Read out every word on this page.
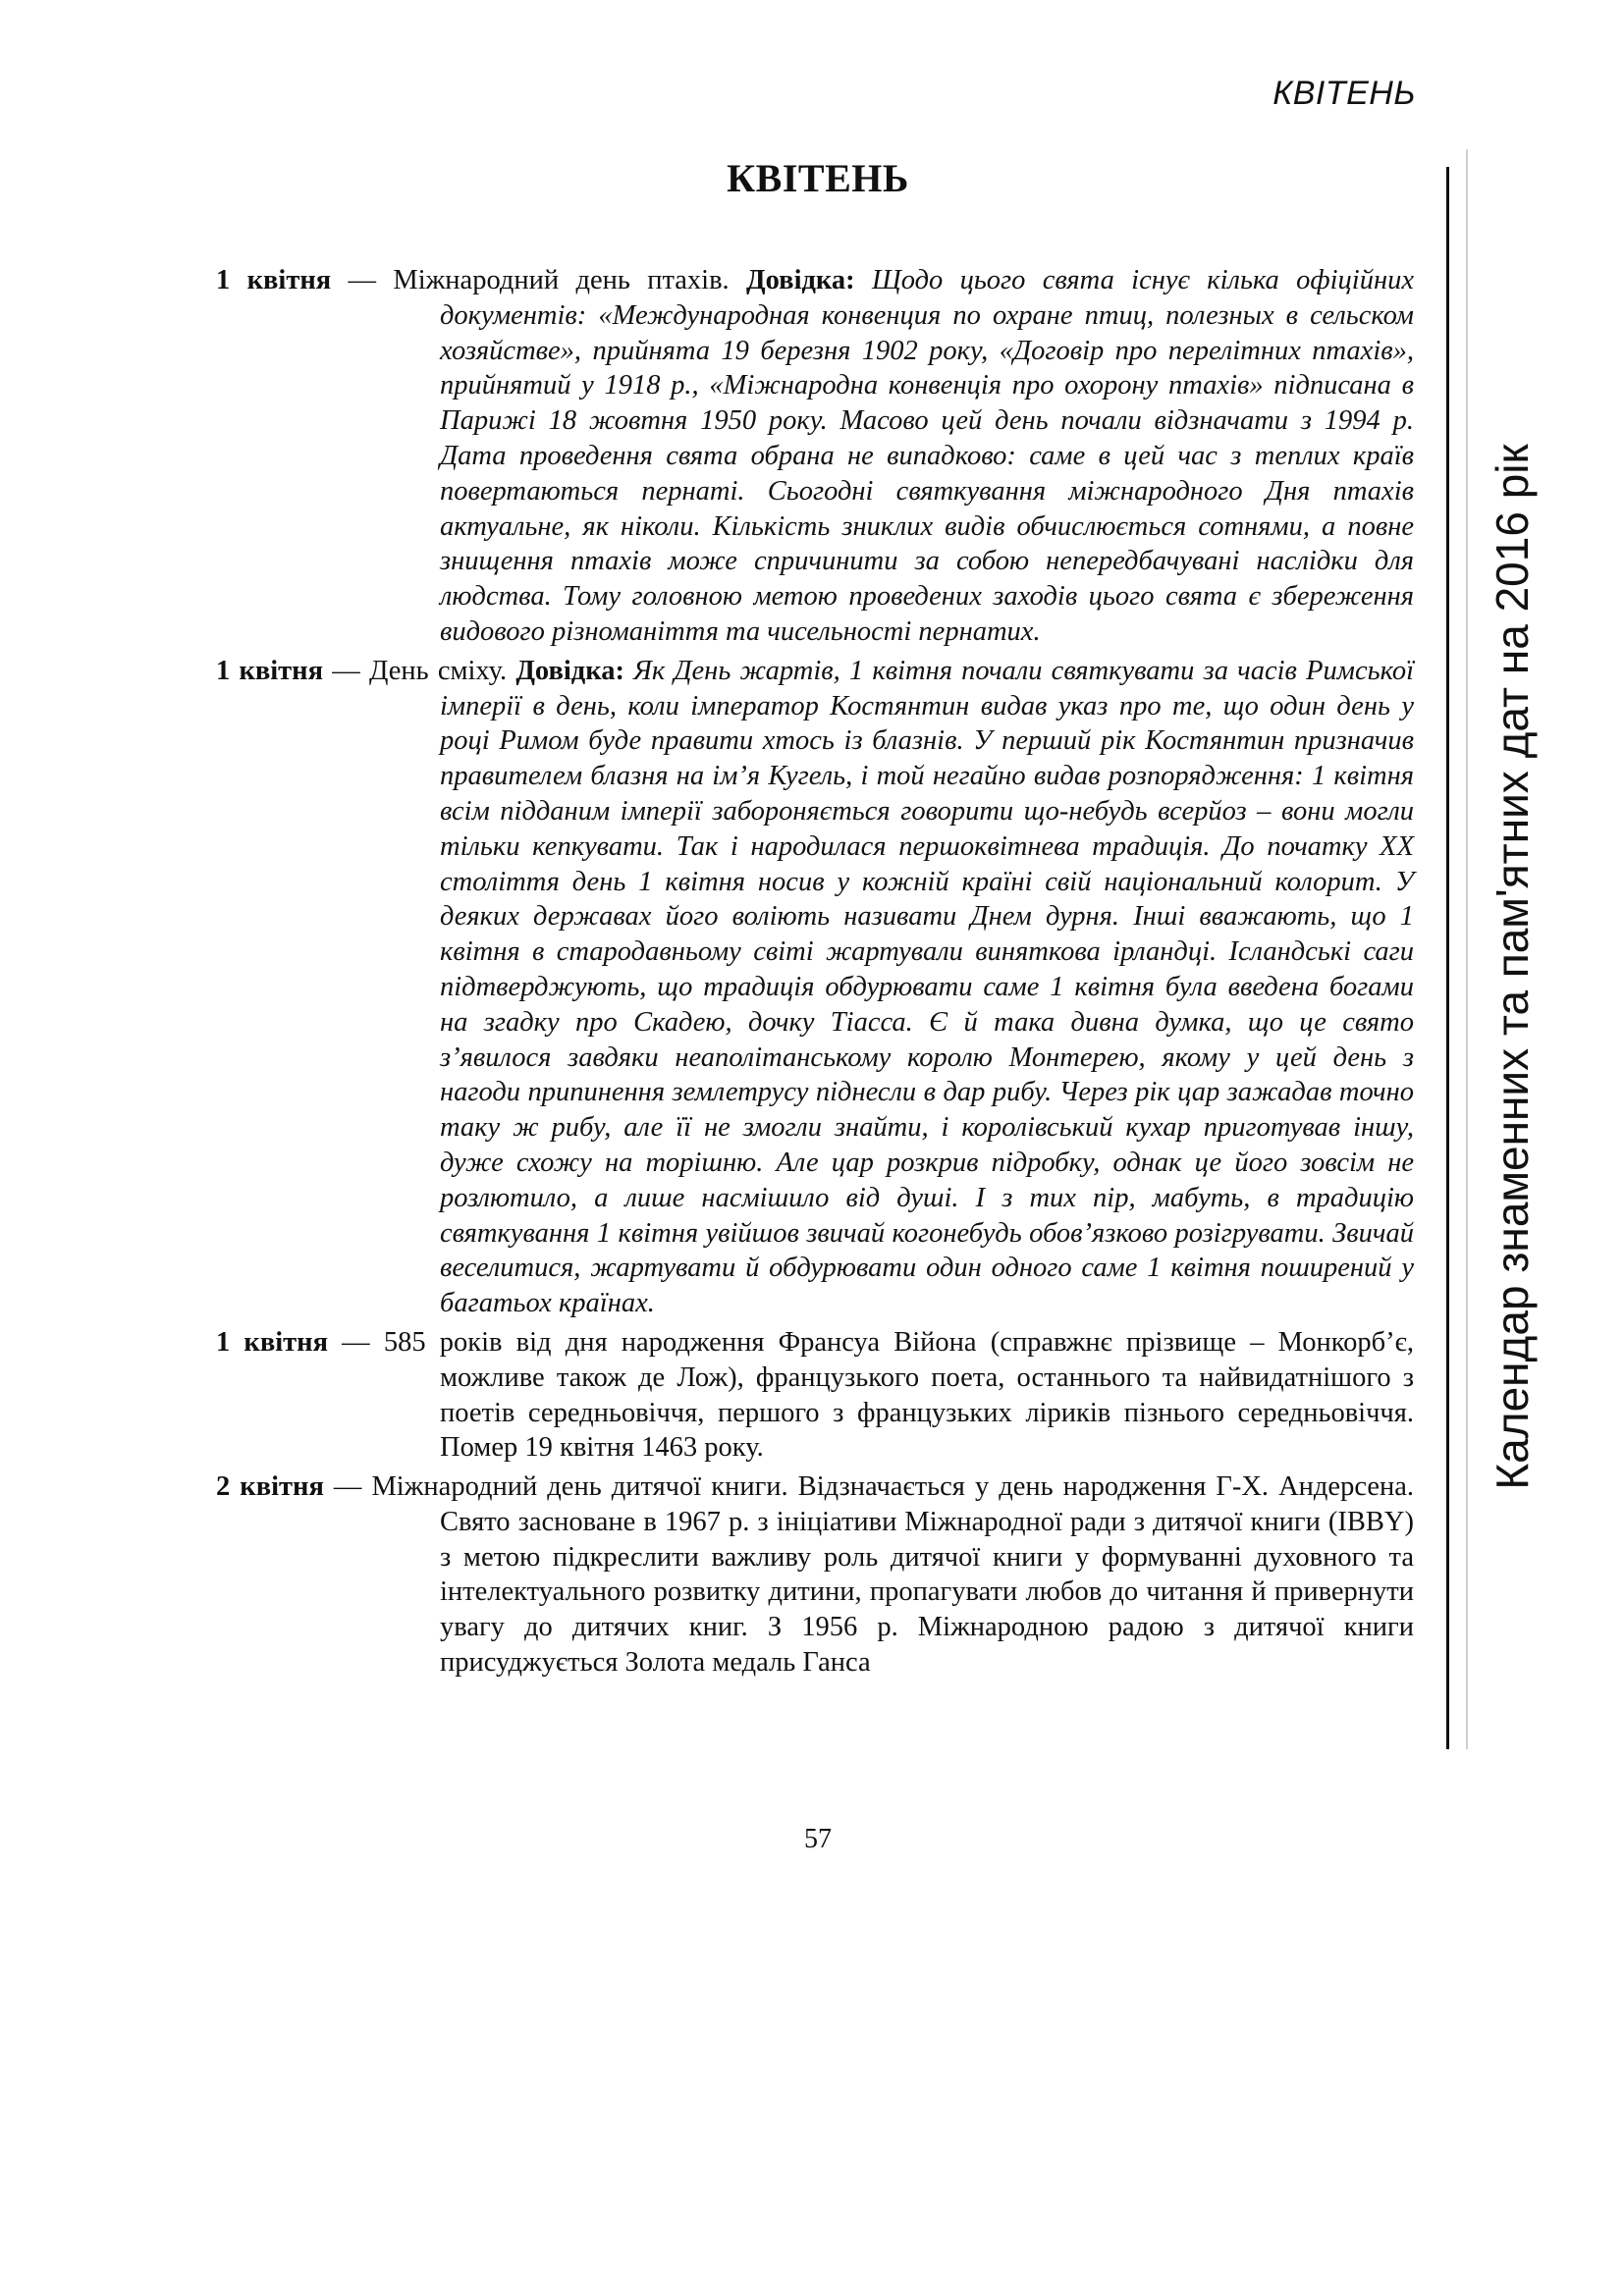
КВІТЕНЬ
КВІТЕНЬ
1 квітня — Міжнародний день птахів. Довідка: Щодо цього свята існує кілька офіційних документів: «Международная конвенция по охране птиц, полезных в сельском хозяйстве», прийнята 19 березня 1902 року, «Договір про перелітних птахів», прийнятий у 1918 р., «Міжнародна конвенція про охорону птахів» підписана в Парижі 18 жовтня 1950 року. Масово цей день почали відзначати з 1994 р. Дата проведення свята обрана не випадково: саме в цей час з теплих країв повертаються пернаті. Сьогодні святкування міжнародного Дня птахів актуальне, як ніколи. Кількість зниклих видів обчислюється сотнями, а повне знищення птахів може спричинити за собою непередбачувані наслідки для людства. Тому головною метою проведених заходів цього свята є збереження видового різноманіття та чисельності пернатих.
1 квітня — День сміху. Довідка: Як День жартів, 1 квітня почали святкувати за часів Римської імперії в день, коли імператор Костянтин видав указ про те, що один день у році Римом буде правити хтось із блазнів. У перший рік Костянтин призначив правителем блазня на ім’я Кугель, і той негайно видав розпорядження: 1 квітня всім підданим імперії забороняється говорити що-небудь всерйоз – вони могли тільки кепкувати. Так і народилася першоквітнева традиція. До початку XX століття день 1 квітня носив у кожній країні свій національний колорит. У деяких державах його воліють називати Днем дурня. Інші вважають, що 1 квітня в стародавньому світі жартували виняткова ірландці. Ісландські саги підтверджують, що традиція обдурювати саме 1 квітня була введена богами на згадку про Скадею, дочку Тіасса. Є й така дивна думка, що це свято з’явилося завдяки неаполітанському королю Монтерею, якому у цей день з нагоди припинення землетрусу піднесли в дар рибу. Через рік цар зажадав точно таку ж рибу, але її не змогли знайти, і королівський кухар приготував іншу, дуже схожу на торішню. Але цар розкрив підробку, однак це його зовсім не розлютило, а лише насмішило від душі. І з тих пір, мабуть, в традицію святкування 1 квітня увійшов звичай когонебудь обов’язково розігрувати. Звичай веселитися, жартувати й обдурювати один одного саме 1 квітня поширений у багатьох країнах.
1 квітня — 585 років від дня народження Франсуа Війона (справжнє прізвище – Монкорб’є, можливе також де Лож), французького поета, останнього та найвидатнішого з поетів середньовіччя, першого з французьких ліриків пізнього середньовіччя. Помер 19 квітня 1463 року.
2 квітня — Міжнародний день дитячої книги. Відзначається у день народження Г-Х. Андерсена. Свято засноване в 1967 р. з ініціативи Міжнародної ради з дитячої книги (IBBY) з метою підкреслити важливу роль дитячої книги у формуванні духовного та інтелектуального розвитку дитини, пропагувати любов до читання й привернути увагу до дитячих книг. З 1956 р. Міжнародною радою з дитячої книги присуджується Золота медаль Ганса
Календар знаменних та пам'ятних дат на 2016 рік
57
